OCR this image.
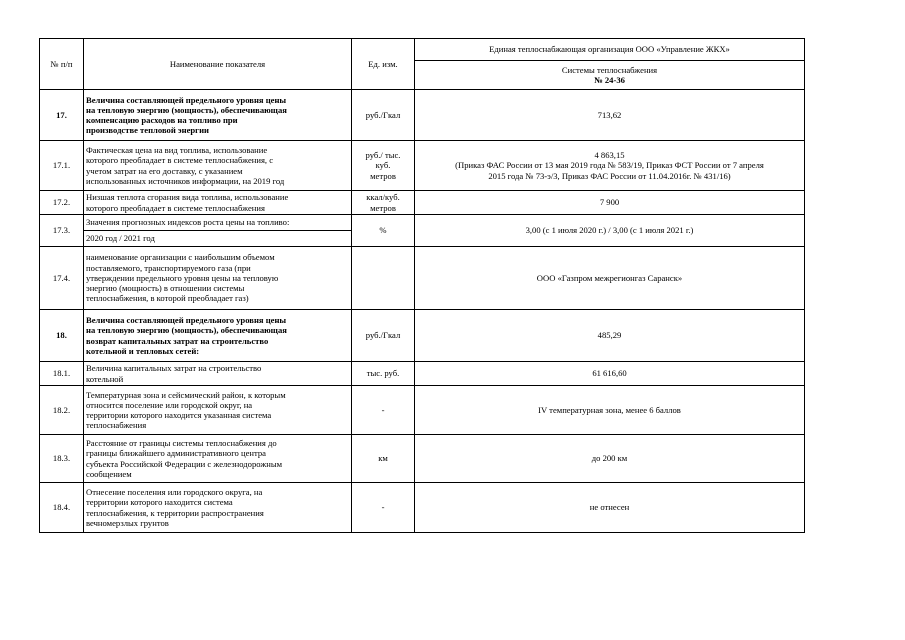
№ п/п	Наименование показателя	Ед. изм.	Единая теплоснабжающая организация ООО «Управление ЖКХ»

			Системы теплоснабжения
№ 24-36

17.	Величина составляющей предельного уровня цены
на тепловую энергию (мощность), обеспечивающая
компенсацию расходов на топливо при
производстве тепловой энергии	руб./Гкал	713,62
17.1.	Фактическая цена на вид топлива, использование
которого преобладает в системе теплоснабжения, с
учетом затрат на его доставку, с указанием
использованных источников информации, на 2019 год	руб./ тыс.
куб.
метров	4 863,15
(Приказ ФАС России от 13 мая 2019 года № 583/19, Приказ ФСТ России от 7 апреля
2015 года № 73-э/3, Приказ ФАС России от 11.04.2016г. № 431/16)
17.2.	Низшая теплота сгорания вида топлива, использование
которого преобладает в системе теплоснабжения	ккал/куб.
метров	7 900
17.3.	Значения прогнозных индексов роста цены на топливо:	%	3,00 (с 1 июля 2020 г.) / 3,00 (с 1 июля 2021 г.)
	2020 год / 2021 год		
17.4.	наименование организации с наибольшим объемом
поставляемого, транспортируемого газа (при
утверждении предельного уровня цены на тепловую
энергию (мощность) в отношении системы
теплоснабжения, в которой преобладает газ)		ООО «Газпром межрегионгаз Саранск»
18.	Величина составляющей предельного уровня цены
на тепловую энергию (мощность), обеспечивающая
возврат капитальных затрат на строительство
котельной и тепловых сетей:	руб./Гкал	485,29
18.1.	Величина капитальных затрат на строительство
котельной	тыс. руб.	61 616,60
18.2.	Температурная зона и сейсмический район, к которым
относится поселение или городской округ, на
территории которого находится указанная система
теплоснабжения	-	IV температурная зона, менее 6 баллов
18.3.	Расстояние от границы системы теплоснабжения до
границы ближайшего административного центра
субъекта Российской Федерации с железнодорожным
сообщением	км	до 200 км
18.4.	Отнесение поселения или городского округа, на
территории которого находится система
теплоснабжения, к территории распространения
вечномерзлых грунтов	-	не отнесен
